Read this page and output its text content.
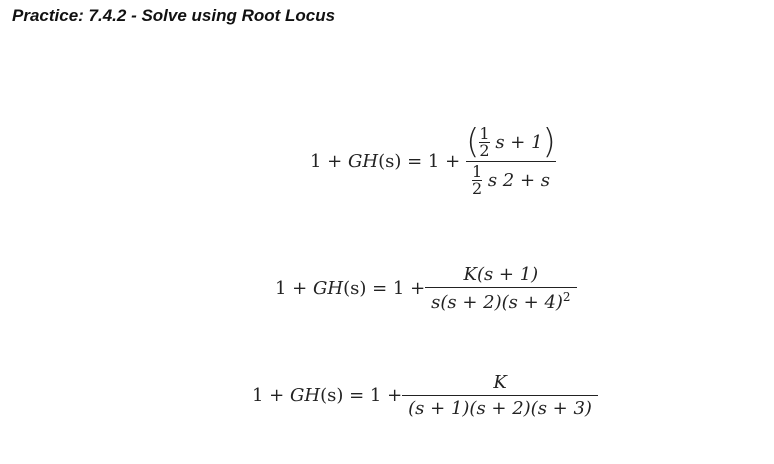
Practice: 7.4.2 - Solve using Root Locus
1 + GH (s) = 1 + ( 1
2 s + 1 )
1
2 s 2 + s
1 + GH $(s) = 1 + \frac{K(s + 1)}{s(s + 2)(s + 4)^2}$
1 + GH $(s) = 1 + \frac{K}{(s + 1)(s + 2)(s + 3)}$
